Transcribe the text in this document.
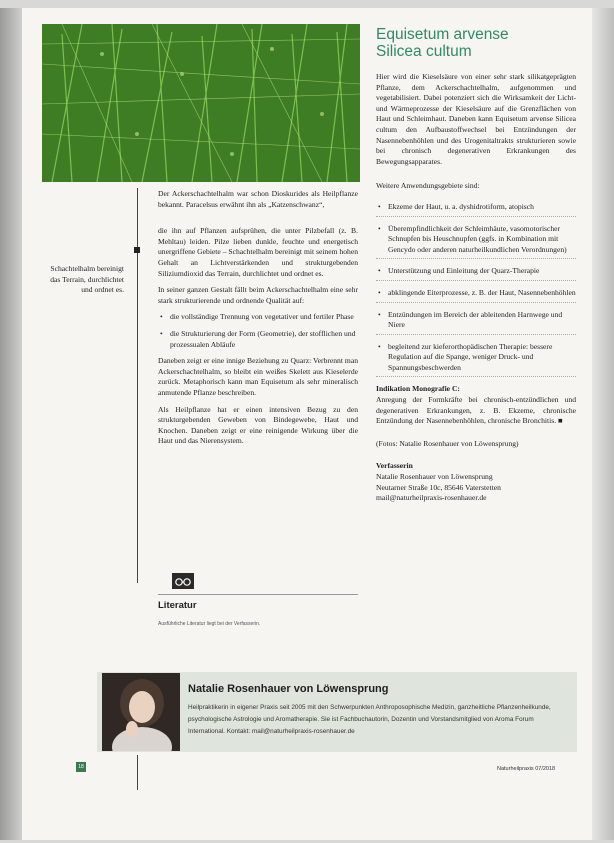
Equisetum arvense
Silicea cultum
Schachtelhalm bereinigt das Terrain, durchlichtet und ordnet es.

Der Ackerschachtelhalm war schon Dioskurides als Heilpflanze bekannt. Paracelsus erwähnt ihn als „Katzenschwanz“,

die ihn auf Pflanzen aufsprühen, die unter Pilzbefall (z. B. Mehltau) leiden. Pilze lieben dunkle, feuchte und energetisch unergriffene Gebiete – Schachtelhalm bereinigt mit seinem hohen Gehalt an Lichtverstärkenden und strukturgebenden Siliziumdioxid das Terrain, durchlichtet und ordnet es.

In seiner ganzen Gestalt fällt beim Ackerschachtelhalm eine sehr stark strukturierende und ordnende Qualität auf:

• die vollständige Trennung von vegetativer und fertiler Phase
• die Strukturierung der Form (Geometrie), der stofflichen und prozessualen Abläufe

Daneben zeigt er eine innige Beziehung zu Quarz: Verbrennt man Ackerschachtelhalm, so bleibt ein weißes Skelett aus Kieselerde zurück. Metaphorisch kann man Equisetum als sehr mineralisch anmutende Pflanze beschreiben.

Als Heilpflanze hat er einen intensiven Bezug zu den strukturgebenden Geweben von Bindegewebe, Haut und Knochen. Daneben zeigt er eine reinigende Wirkung über die Haut und das Nierensystem.

Literatur
Ausführliche Literatur liegt bei der Verfasserin.

Hier wird die Kieselsäure von einer sehr stark silikatgeprägten Pflanze, dem Ackerschachtelhalm, aufgenommen und vegetabilisiert. Dabei potenziert sich die Wirksamkeit der Licht- und Wärmeprozesse der Kieselsäure auf die Grenzflächen von Haut und Schleimhaut. Daneben kann Equisetum arvense Silicea cultum den Aufbaustoffwechsel bei Entzündungen der Nasennebenhöhlen und des Urogenitaltrakts strukturieren sowie bei chronisch degenerativen Erkrankungen des Bewegungsapparates.

Weitere Anwendungsgebiete sind:

• Ekzeme der Haut, u. a. dyshidrotiform, atopisch
• Überempfindlichkeit der Schleimhäute, vasomotorischer Schnupfen bis Heuschnupfen (ggfs. in Kombination mit Gencydo oder anderen naturheilkundlichen Verordnungen)
• Unterstützung und Einleitung der Quarz-Therapie
• abklingende Eiterprozesse, z. B. der Haut, Nasennebenhöhlen
• Entzündungen im Bereich der ableitenden Harnwege und Niere
• begleitend zur kieferorthopädischen Therapie: bessere Regulation auf die Spange, weniger Druck- und Spannungsbeschwerden

Indikation Monografie C:

Anregung der Formkräfte bei chronisch-entzündlichen und degenerativen Erkrankungen, z. B. Ekzeme, chronische Entzündung der Nasennebenhöhlen, chronische Bronchitis. ■

(Fotos: Natalie Rosenhauer von Löwensprung)

Verfasserin

Natalie Rosenhauer von Löwensprung

Neutarner Straße 10c, 85646 Vaterstetten

mail@naturheilpraxis-rosenhauer.de

Natalie Rosenhauer von Löwensprung
Heilpraktikerin in eigener Praxis seit 2005 mit den Schwerpunkten Anthroposophische Medizin, ganzheitliche Pflanzenheilkunde, psychologische Astrologie und Aromatherapie. Sie ist Fachbuchautorin, Dozentin und Vorstandsmitglied von Aroma Forum International. Kontakt: mail@naturheilpraxis-rosenhauer.de
18	Naturheilpraxis 07/2018
